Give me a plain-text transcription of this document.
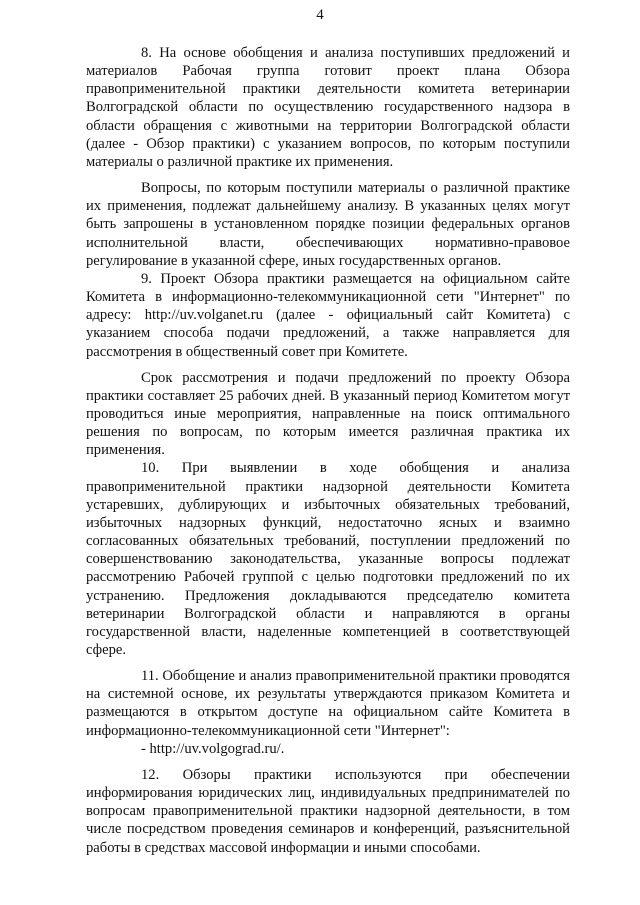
4

8. На основе обобщения и анализа поступивших предложений и материалов Рабочая группа готовит проект плана Обзора правоприменительной практики деятельности комитета ветеринарии Волгоградской области по осуществлению государственного надзора в области обращения с животными на территории Волгоградской области (далее - Обзор практики) с указанием вопросов, по которым поступили материалы о различной практике их применения.

Вопросы, по которым поступили материалы о различной практике их применения, подлежат дальнейшему анализу. В указанных целях могут быть запрошены в установленном порядке позиции федеральных органов исполнительной власти, обеспечивающих нормативно-правовое регулирование в указанной сфере, иных государственных органов.

9. Проект Обзора практики размещается на официальном сайте Комитета в информационно-телекоммуникационной сети "Интернет" по адресу: http://uv.volganet.ru (далее - официальный сайт Комитета) с указанием способа подачи предложений, а также направляется для рассмотрения в общественный совет при Комитете.

Срок рассмотрения и подачи предложений по проекту Обзора практики составляет 25 рабочих дней. В указанный период Комитетом могут проводиться иные мероприятия, направленные на поиск оптимального решения по вопросам, по которым имеется различная практика их применения.

10. При выявлении в ходе обобщения и анализа правоприменительной практики надзорной деятельности Комитета устаревших, дублирующих и избыточных обязательных требований, избыточных надзорных функций, недостаточно ясных и взаимно согласованных обязательных требований, поступлении предложений по совершенствованию законодательства, указанные вопросы подлежат рассмотрению Рабочей группой с целью подготовки предложений по их устранению. Предложения докладываются председателю комитета ветеринарии Волгоградской области и направляются в органы государственной власти, наделенные компетенцией в соответствующей сфере.

11. Обобщение и анализ правоприменительной практики проводятся на системной основе, их результаты утверждаются приказом Комитета и размещаются в открытом доступе на официальном сайте Комитета в информационно-телекоммуникационной сети "Интернет":

- http://uv.volgograd.ru/.

12. Обзоры практики используются при обеспечении информирования юридических лиц, индивидуальных предпринимателей по вопросам правоприменительной практики надзорной деятельности, в том числе посредством проведения семинаров и конференций, разъяснительной работы в средствах массовой информации и иными способами.
